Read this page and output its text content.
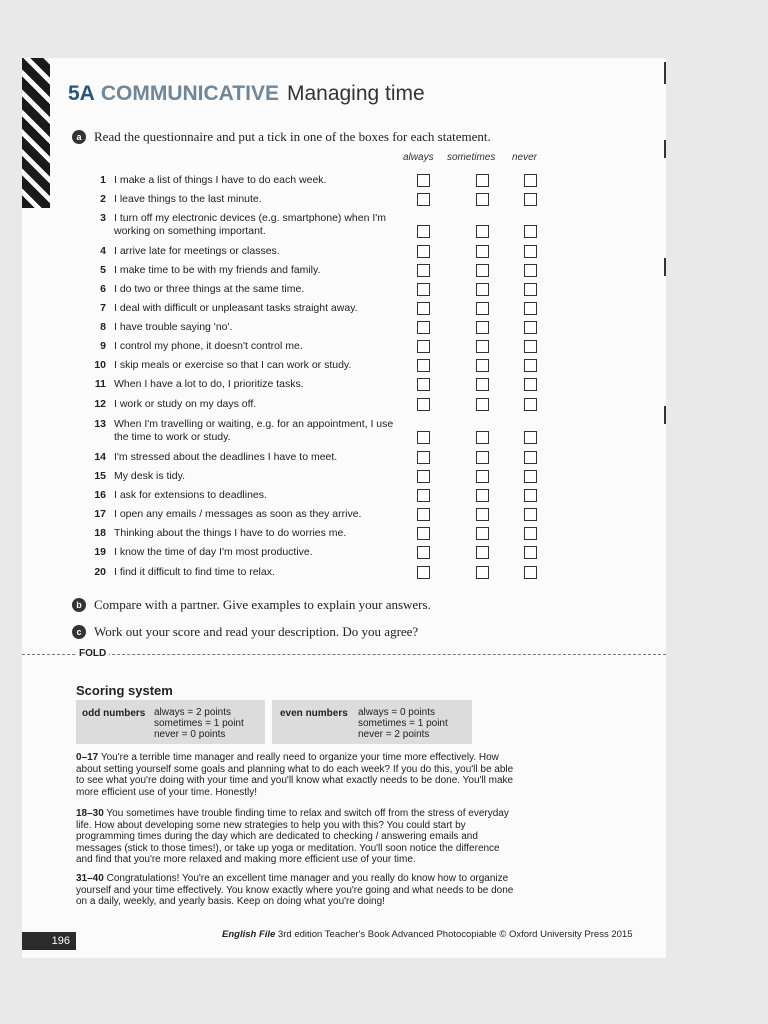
5A COMMUNICATIVE Managing time
a Read the questionnaire and put a tick in one of the boxes for each statement.
always sometimes never
1 I make a list of things I have to do each week.
2 I leave things to the last minute.
3 I turn off my electronic devices (e.g. smartphone) when I'm working on something important.
4 I arrive late for meetings or classes.
5 I make time to be with my friends and family.
6 I do two or three things at the same time.
7 I deal with difficult or unpleasant tasks straight away.
8 I have trouble saying 'no'.
9 I control my phone, it doesn't control me.
10 I skip meals or exercise so that I can work or study.
11 When I have a lot to do, I prioritize tasks.
12 I work or study on my days off.
13 When I'm travelling or waiting, e.g. for an appointment, I use the time to work or study.
14 I'm stressed about the deadlines I have to meet.
15 My desk is tidy.
16 I ask for extensions to deadlines.
17 I open any emails / messages as soon as they arrive.
18 Thinking about the things I have to do worries me.
19 I know the time of day I'm most productive.
20 I find it difficult to find time to relax.
b Compare with a partner. Give examples to explain your answers.
c Work out your score and read your description. Do you agree?
FOLD
Scoring system
odd numbers always = 2 points
sometimes = 1 point
never = 0 points
even numbers always = 0 points
sometimes = 1 point
never = 2 points
0–17 You're a terrible time manager and really need to organize your time more effectively. How about setting yourself some goals and planning what to do each week? If you do this, you'll be able to see what you're doing with your time and you'll know what exactly needs to be done. You'll make more efficient use of your time. Honestly!
18–30 You sometimes have trouble finding time to relax and switch off from the stress of everyday life. How about developing some new strategies to help you with this? You could start by programming times during the day which are dedicated to checking / answering emails and messages (stick to those times!), or take up yoga or meditation. You'll soon notice the difference and find that you're more relaxed and making more efficient use of your time.
31–40 Congratulations! You're an excellent time manager and you really do know how to organize yourself and your time effectively. You know exactly where you're going and what needs to be done on a daily, weekly, and yearly basis. Keep on doing what you're doing!
196
English File 3rd edition Teacher's Book Advanced Photocopiable © Oxford University Press 2015
